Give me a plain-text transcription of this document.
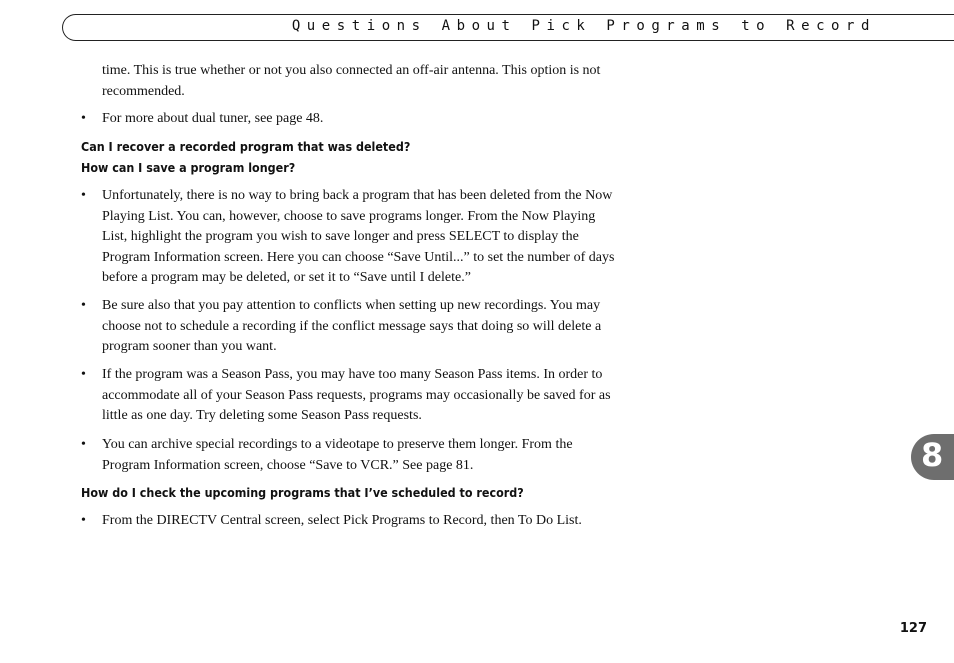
Questions About Pick Programs to Record
time. This is true whether or not you also connected an off-air antenna. This option is not recommended.
• For more about dual tuner, see page 48.
Can I recover a recorded program that was deleted?
How can I save a program longer?
• Unfortunately, there is no way to bring back a program that has been deleted from the Now Playing List. You can, however, choose to save programs longer. From the Now Playing List, highlight the program you wish to save longer and press SELECT to display the Program Information screen. Here you can choose “Save Until...” to set the number of days before a program may be deleted, or set it to “Save until I delete.”
• Be sure also that you pay attention to conflicts when setting up new recordings. You may choose not to schedule a recording if the conflict message says that doing so will delete a program sooner than you want.
• If the program was a Season Pass, you may have too many Season Pass items. In order to accommodate all of your Season Pass requests, programs may occasionally be saved for as little as one day. Try deleting some Season Pass requests.
• You can archive special recordings to a videotape to preserve them longer. From the Program Information screen, choose “Save to VCR.” See page 81.
How do I check the upcoming programs that I’ve scheduled to record?
• From the DIRECTV Central screen, select Pick Programs to Record, then To Do List.
8
127
